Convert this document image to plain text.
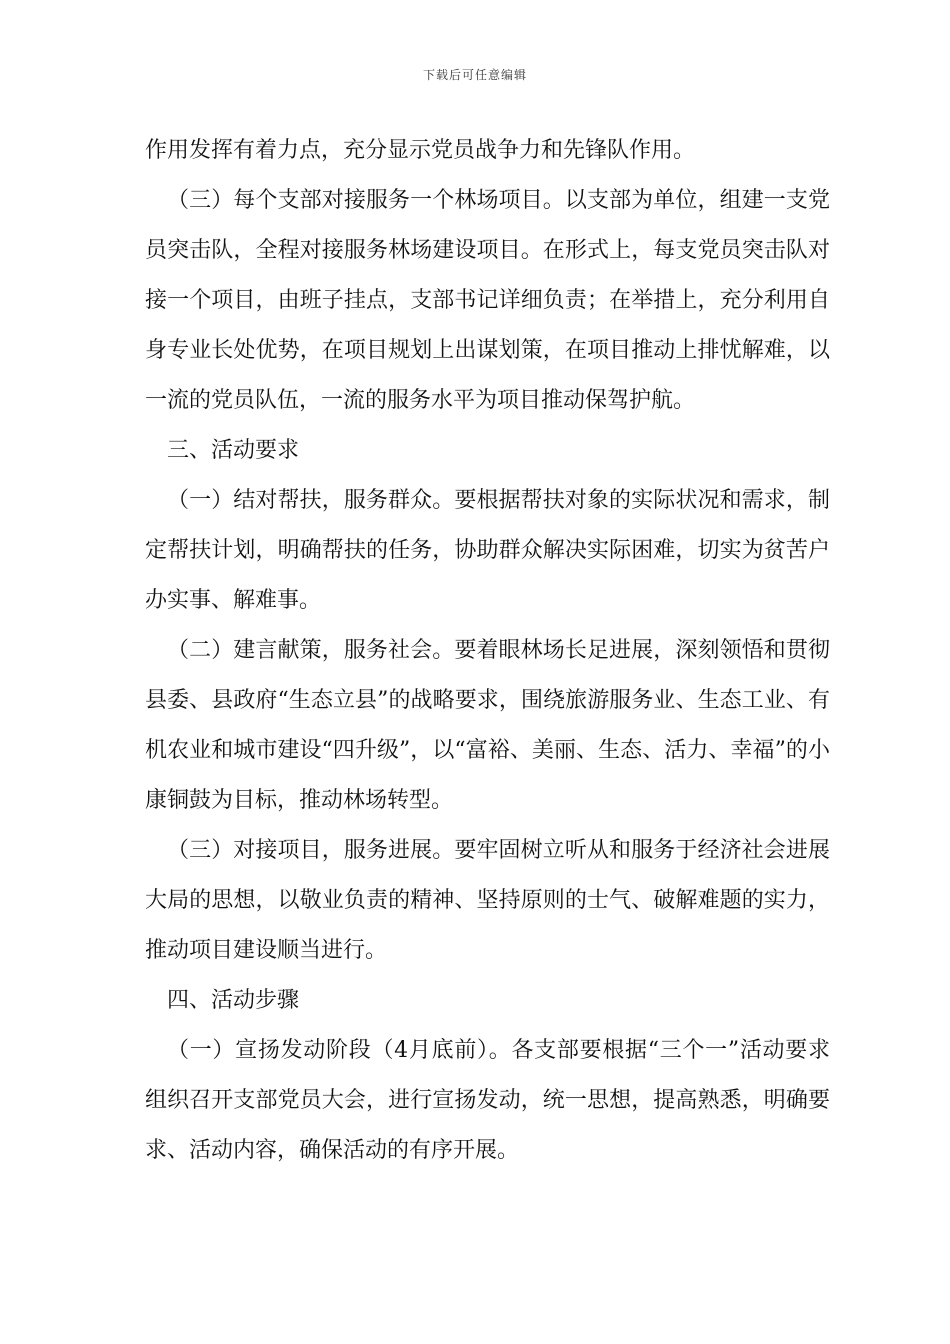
下载后可任意编辑

作用发挥有着力点，充分显示党员战争力和先锋队作用。

（三）每个支部对接服务一个林场项目。以支部为单位，组建一支党员突击队，全程对接服务林场建设项目。在形式上，每支党员突击队对接一个项目，由班子挂点，支部书记详细负责；在举措上，充分利用自身专业长处优势，在项目规划上出谋划策，在项目推动上排忧解难，以一流的党员队伍，一流的服务水平为项目推动保驾护航。

三、活动要求

（一）结对帮扶，服务群众。要根据帮扶对象的实际状况和需求，制定帮扶计划，明确帮扶的任务，协助群众解决实际困难，切实为贫苦户办实事、解难事。

（二）建言献策，服务社会。要着眼林场长足进展，深刻领悟和贯彻县委、县政府“生态立县”的战略要求，围绕旅游服务业、生态工业、有机农业和城市建设“四升级”，以“富裕、美丽、生态、活力、幸福”的小康铜鼓为目标，推动林场转型。

（三）对接项目，服务进展。要牢固树立听从和服务于经济社会进展大局的思想，以敬业负责的精神、坚持原则的士气、破解难题的实力，推动项目建设顺当进行。

四、活动步骤

（一）宣扬发动阶段（4月底前）。各支部要根据“三个一”活动要求组织召开支部党员大会，进行宣扬发动，统一思想，提高熟悉，明确要求、活动内容，确保活动的有序开展。
